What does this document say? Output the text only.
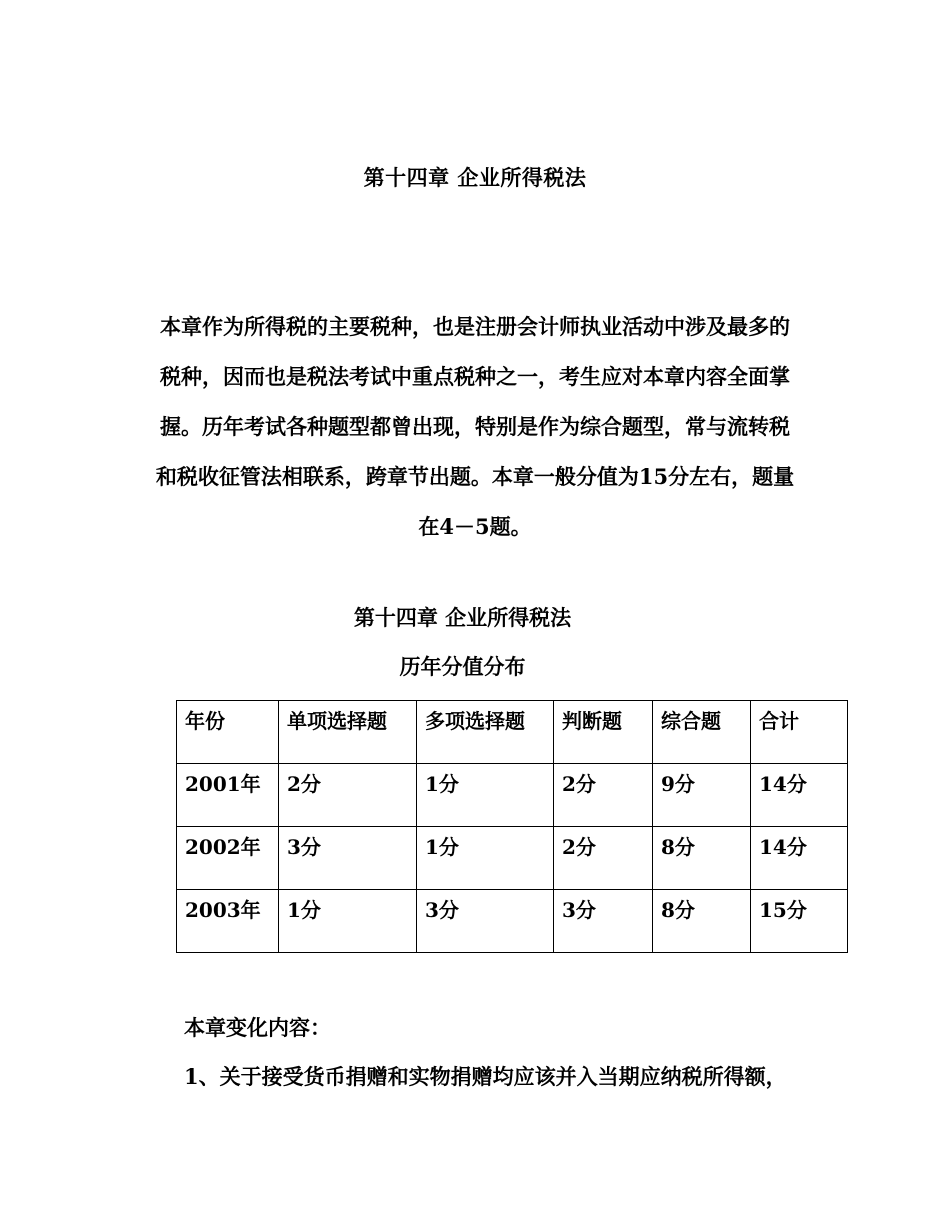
第十四章 企业所得税法

本章作为所得税的主要税种，也是注册会计师执业活动中涉及最多的

税种，因而也是税法考试中重点税种之一，考生应对本章内容全面掌

握。历年考试各种题型都曾出现，特别是作为综合题型，常与流转税

和税收征管法相联系，跨章节出题。本章一般分值为15分左右，题量

在4－5题。

第十四章 企业所得税法
历年分值分布
年份	单项选择题	多项选择题	判断题	综合题	合计
2001年	2分	1分	2分	9分	14分
2002年	3分	1分	2分	8分	14分
2003年	1分	3分	3分	8分	15分
本章变化内容：
1、关于接受货币捐赠和实物捐赠均应该并入当期应纳税所得额，
